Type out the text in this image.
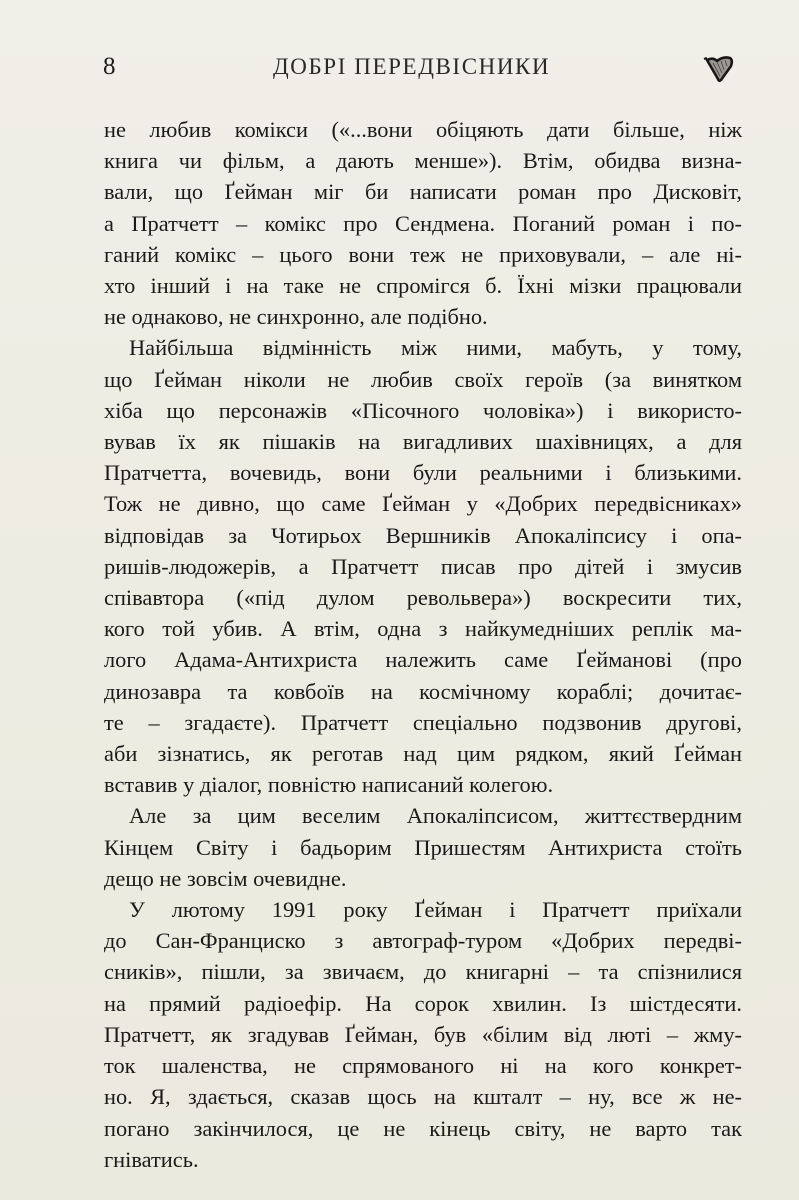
8	ДОБРІ ПЕРЕДВІСНИКИ

не любив комікси («...вони обіцяють дати більше, ніж
книга чи фільм, а дають менше»). Втім, обидва визна-
вали, що Ґейман міг би написати роман про Дисковіт,
а Пратчетт – комікс про Сендмена. Поганий роман і по-
ганий комікс – цього вони теж не приховували, – але ні-
хто інший і на таке не спромігся б. Їхні мізки працювали
не однаково, не синхронно, але подібно.

Найбільша відмінність між ними, мабуть, у тому,
що Ґейман ніколи не любив своїх героїв (за винятком
хіба що персонажів «Пісочного чоловіка») і використо-
вував їх як пішаків на вигадливих шахівницях, а для
Пратчетта, вочевидь, вони були реальними і близькими.
Тож не дивно, що саме Ґейман у «Добрих передвісниках»
відповідав за Чотирьох Вершників Апокаліпсису і опа-
ришів-людожерів, а Пратчетт писав про дітей і змусив
співавтора («під дулом револьвера») воскресити тих,
кого той убив. А втім, одна з найкумедніших реплік ма-
лого Адама-Антихриста належить саме Ґейманові (про
динозавра та ковбоїв на космічному кораблі; дочитає-
те – згадаєте). Пратчетт спеціально подзвонив другові,
аби зізнатись, як реготав над цим рядком, який Ґейман
вставив у діалог, повністю написаний колегою.

Але за цим веселим Апокаліпсисом, життєствердним
Кінцем Світу і бадьорим Пришестям Антихриста стоїть
дещо не зовсім очевидне.

У лютому 1991 року Ґейман і Пратчетт приїхали
до Сан-Франциско з автограф-туром «Добрих передві-
сників», пішли, за звичаєм, до книгарні – та спізнилися
на прямий радіоефір. На сорок хвилин. Із шістдесяти.
Пратчетт, як згадував Ґейман, був «білим від люті – жму-
ток шаленства, не спрямованого ні на кого конкрет-
но. Я, здається, сказав щось на кшталт – ну, все ж не-
погано закінчилося, це не кінець світу, не варто так
гніватись.
